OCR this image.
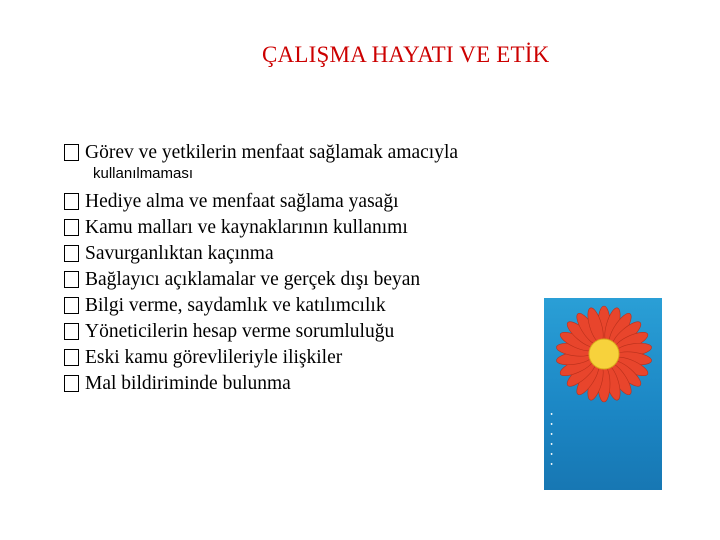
ÇALIŞMA HAYATI VE ETİK
Görev ve yetkilerin menfaat sağlamak amacıyla
kullanılmaması
Hediye alma ve menfaat sağlama yasağı
Kamu malları ve kaynaklarının kullanımı
Savurganlıktan kaçınma
Bağlayıcı açıklamalar ve gerçek dışı beyan
Bilgi verme, saydamlık ve katılımcılık
Yöneticilerin hesap verme sorumluluğu
Eski kamu görevlileriyle ilişkiler
Mal bildiriminde bulunma
•
•
•
•
•
•
